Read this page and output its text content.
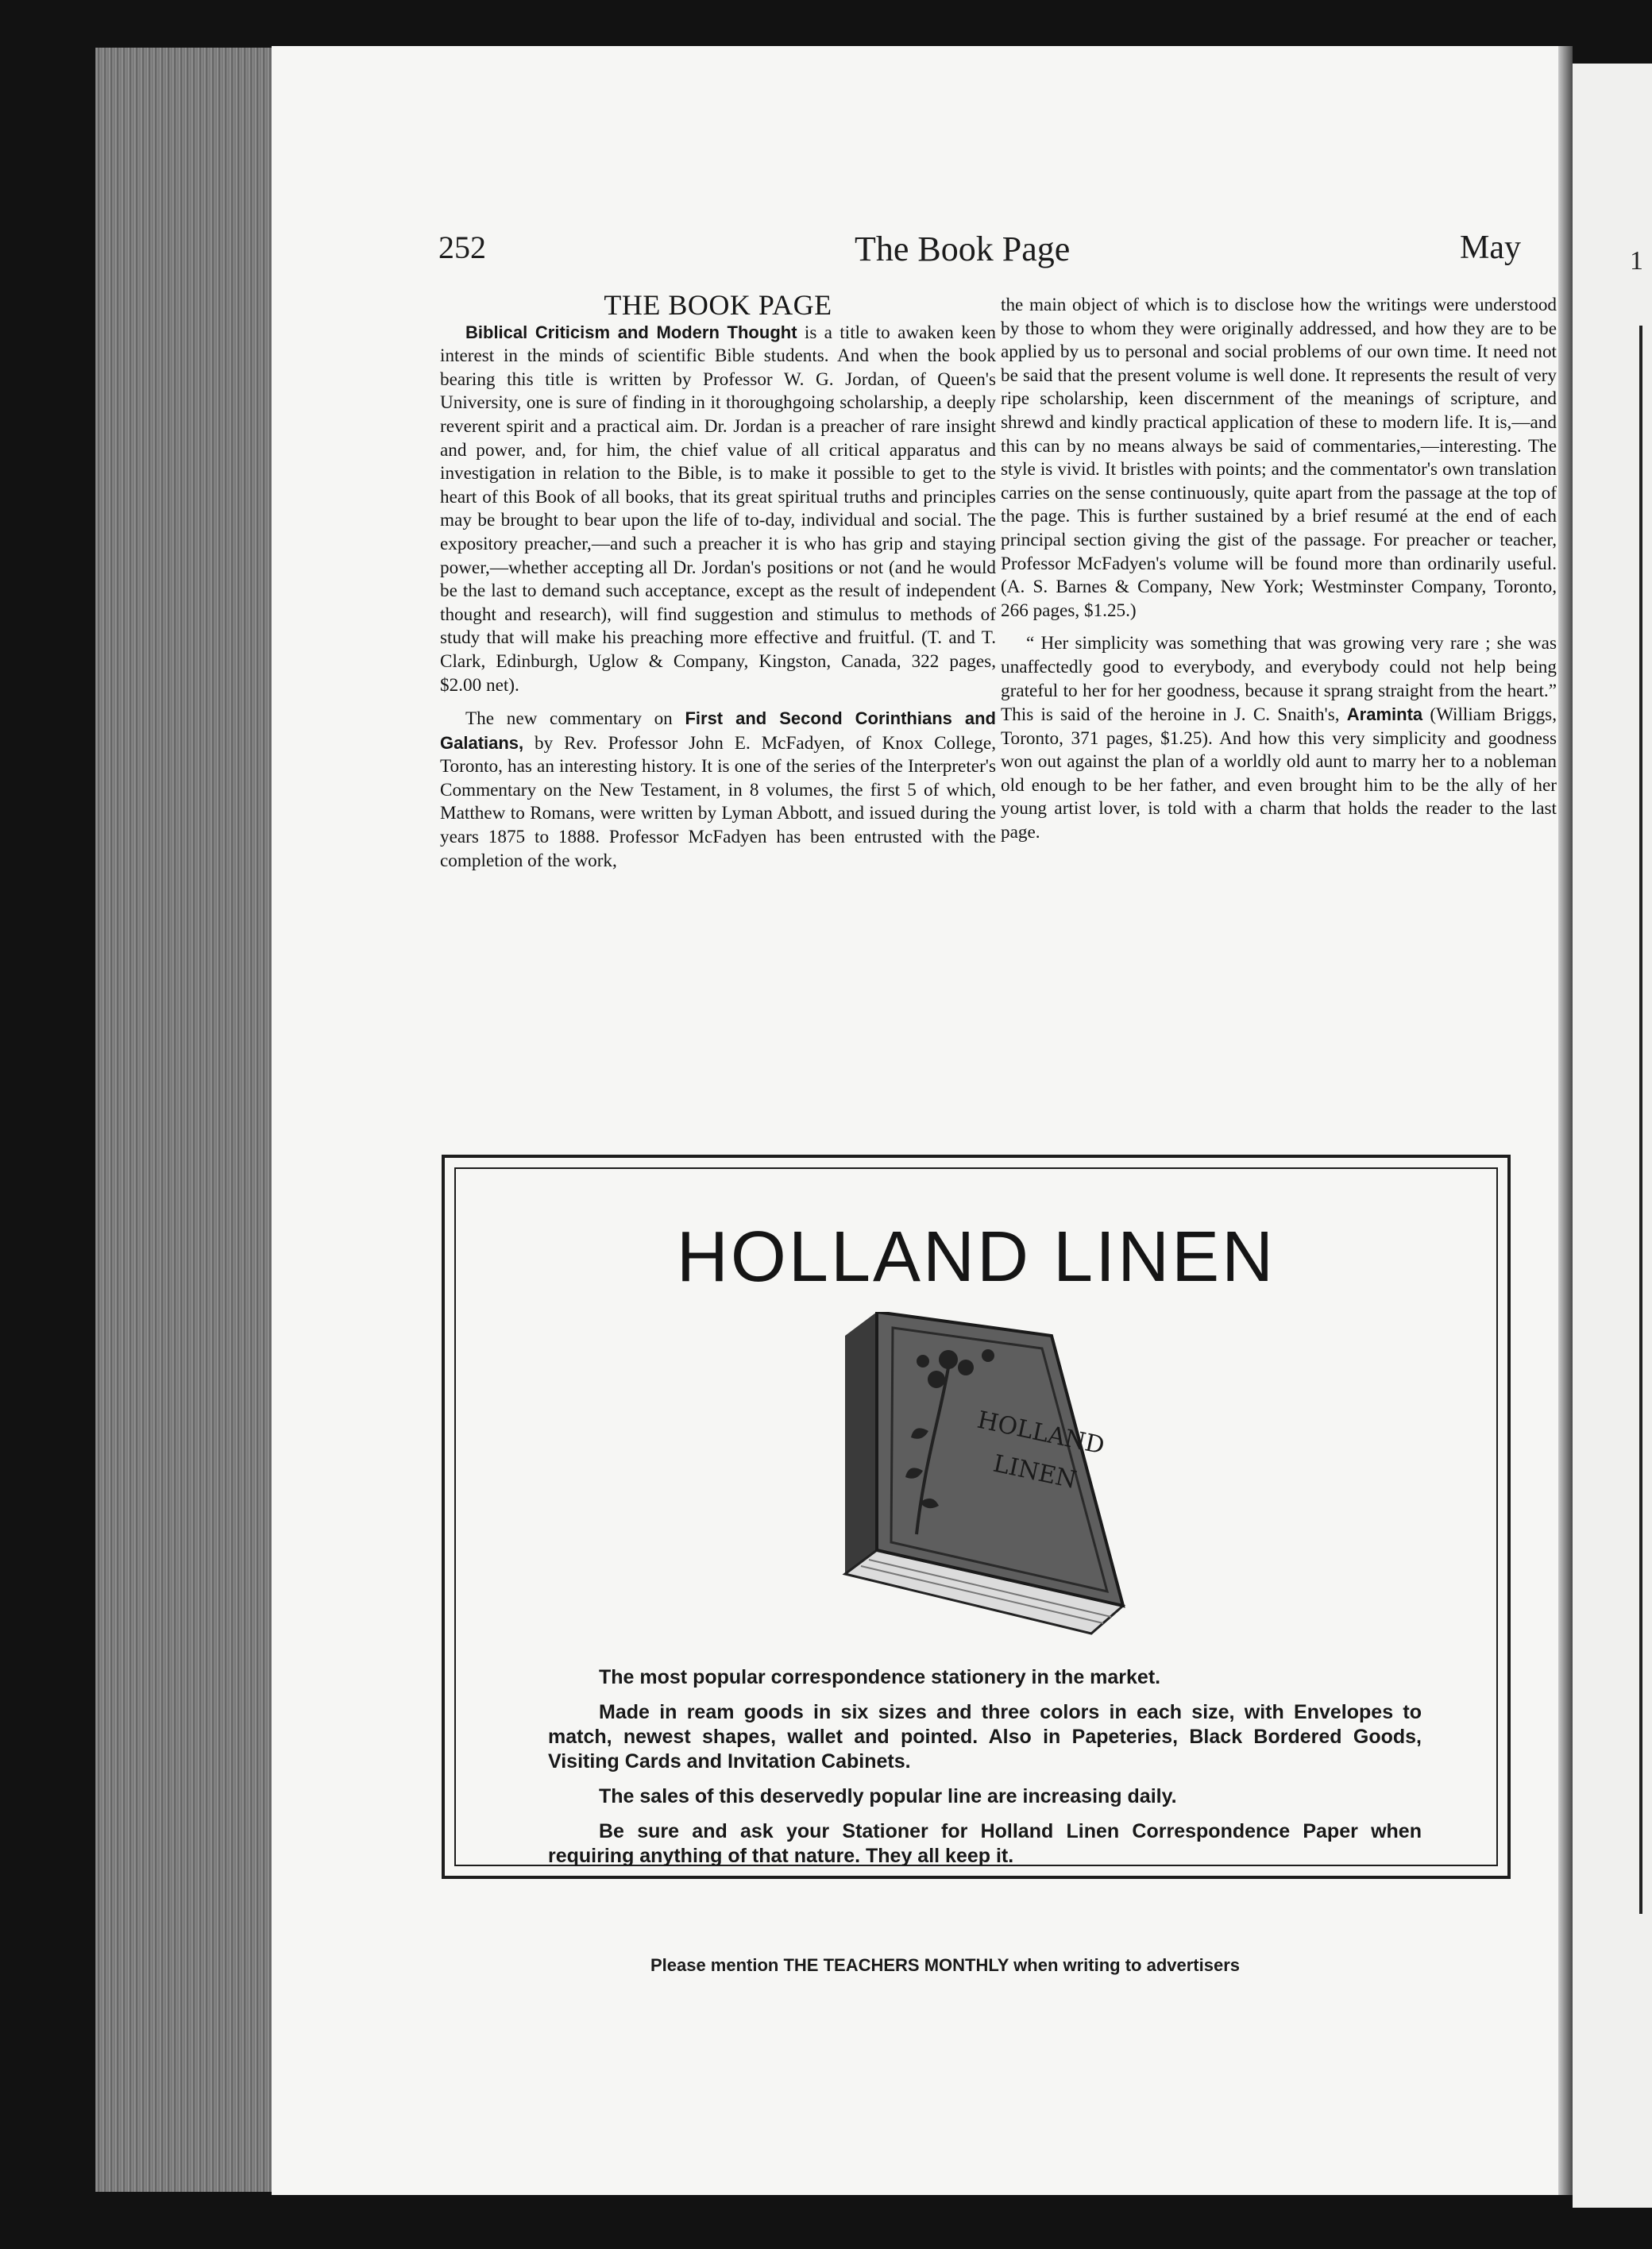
1

252	The Book Page	May

THE BOOK PAGE

Biblical Criticism and Modern Thought is a title to awaken keen interest in the minds of scientific Bible students. And when the book bearing this title is written by Professor W. G. Jordan, of Queen's University, one is sure of finding in it thoroughgoing scholarship, a deeply reverent spirit and a practical aim. Dr. Jordan is a preacher of rare insight and power, and, for him, the chief value of all critical apparatus and investigation in relation to the Bible, is to make it possible to get to the heart of this Book of all books, that its great spiritual truths and principles may be brought to bear upon the life of to-day, individual and social. The expository preacher,—and such a preacher it is who has grip and staying power,—whether accepting all Dr. Jordan's positions or not (and he would be the last to demand such acceptance, except as the result of independent thought and research), will find suggestion and stimulus to methods of study that will make his preaching more effective and fruitful. (T. and T. Clark, Edinburgh, Uglow & Company, Kingston, Canada, 322 pages, $2.00 net).

The new commentary on First and Second Corinthians and Galatians, by Rev. Professor John E. McFadyen, of Knox College, Toronto, has an interesting history. It is one of the series of the Interpreter's Commentary on the New Testament, in 8 volumes, the first 5 of which, Matthew to Romans, were written by Lyman Abbott, and issued during the years 1875 to 1888. Professor McFadyen has been entrusted with the completion of the work,

the main object of which is to disclose how the writings were understood by those to whom they were originally addressed, and how they are to be applied by us to personal and social problems of our own time. It need not be said that the present volume is well done. It represents the result of very ripe scholarship, keen discernment of the meanings of scripture, and shrewd and kindly practical application of these to modern life. It is,—and this can by no means always be said of commentaries,—interesting. The style is vivid. It bristles with points; and the commentator's own translation carries on the sense continuously, quite apart from the passage at the top of the page. This is further sustained by a brief resumé at the end of each principal section giving the gist of the passage. For preacher or teacher, Professor McFadyen's volume will be found more than ordinarily useful. (A. S. Barnes & Company, New York; Westminster Company, Toronto, 266 pages, $1.25.)

“ Her simplicity was something that was growing very rare ; she was unaffectedly good to everybody, and everybody could not help being grateful to her for her goodness, because it sprang straight from the heart.” This is said of the heroine in J. C. Snaith's, Araminta (William Briggs, Toronto, 371 pages, $1.25). And how this very simplicity and goodness won out against the plan of a worldly old aunt to marry her to a nobleman old enough to be her father, and even brought him to be the ally of her young artist lover, is told with a charm that holds the reader to the last page.

HOLLAND LINEN
HOLLAND
LINEN

The most popular correspondence stationery in the market.

Made in ream goods in six sizes and three colors in each size, with Envelopes to match, newest shapes, wallet and pointed. Also in Papeteries, Black Bordered Goods, Visiting Cards and Invitation Cabinets.

The sales of this deservedly popular line are increasing daily.

Be sure and ask your Stationer for Holland Linen Correspondence Paper when requiring anything of that nature. They all keep it.

Please mention THE TEACHERS MONTHLY when writing to advertisers
